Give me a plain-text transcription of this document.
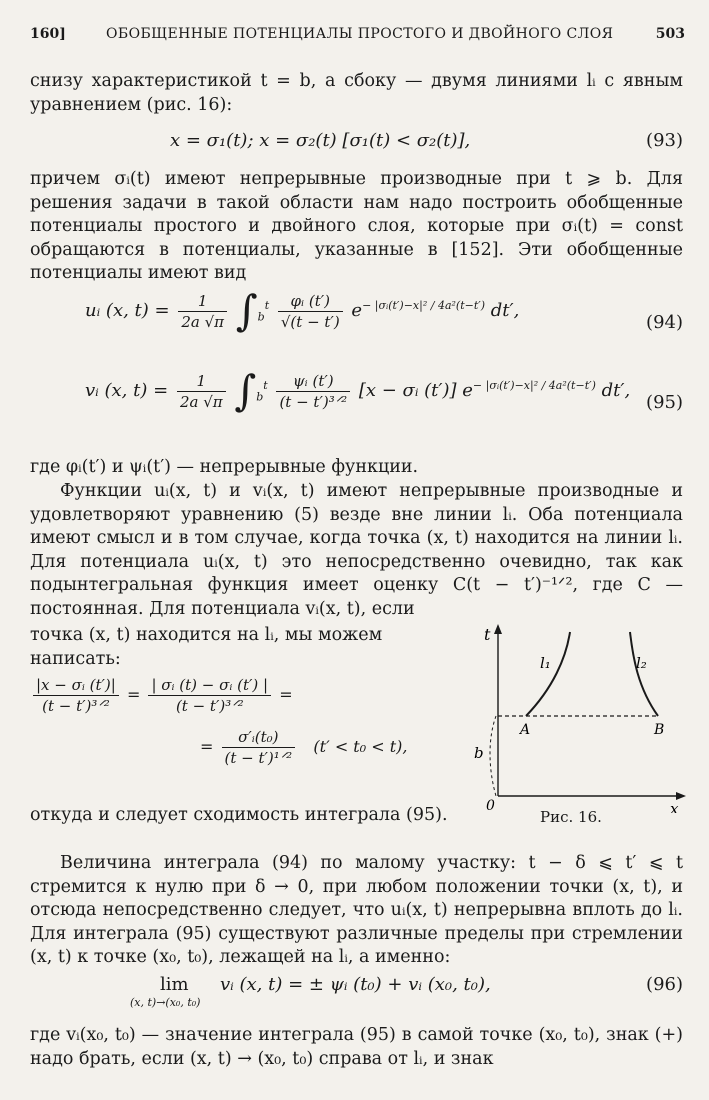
160]	ОБОБЩЕННЫЕ ПОТЕНЦИАЛЫ ПРОСТОГО И ДВОЙНОГО СЛОЯ	503
снизу характеристикой t = b, а сбоку — двумя линиями lᵢ с явным уравнением (рис. 16):
x = σ₁(t); x = σ₂(t) [σ₁(t) < σ₂(t)],	(93)
причем σᵢ(t) имеют непрерывные производные при t ⩾ b. Для решения задачи в такой области нам надо построить обобщенные потенциалы простого и двойного слоя, которые при σᵢ(t) = const обращаются в потенциалы, указанные в [152]. Эти обобщенные потенциалы имеют вид
uᵢ (x, $t) = \frac{1}{2a √\pi} \int_b^t \frac{\text{φᵢ (t′)}}{√(t - t')} e^{- |\sigma ᵢ(t')-x|^2 / 4a^2(t-t')}$ dt′,
(94)
vᵢ (x, $t) = \frac{1}{2a √\pi} \int_b^t \frac{\text{ψᵢ (t′)}}{\text{(t − t′)³ᐟ²}} [x$ − σᵢ (t′)] $e^{- |\sigma ᵢ(t')-x|^2 / 4a^2(t-t')}$ dt′,
(95)
где φᵢ(t′) и ψᵢ(t′) — непрерывные функции.
Функции uᵢ(x, t) и vᵢ(x, t) имеют непрерывные производные и удовлетворяют уравнению (5) везде вне линии lᵢ. Оба потенциала имеют смысл и в том случае, когда точка (x, t) находится на линии lᵢ. Для потенциала uᵢ(x, t) это непосредственно очевидно, так как подынтегральная функция имеет оценку C(t − t′)⁻¹ᐟ², где C — постоянная. Для потенциала vᵢ(x, t), если
точка (x, t) находится на lᵢ, мы можем написать:
$\frac{\text{|x − σᵢ (t′)|}}{\text{(t − t′)³ᐟ²}} = \frac{\text{| σᵢ (t) − σᵢ (t′) |}}{\text{(t − t′)³ᐟ²}}$ =
= $\frac{\text{σ′ᵢ(t₀)}}{\text{(t − t′)¹ᐟ²}} (t' < t_0 < t)$,
откуда и следует сходимость интеграла (95).
t
x
0
A	B
l₁	l₂
b
Рис. 16.
Величина интеграла (94) по малому участку: t − δ ⩽ t′ ⩽ t стремится к нулю при δ → 0, при любом положении точки (x, t), и отсюда непосредственно следует, что uᵢ(x, t) непрерывна вплоть до lᵢ. Для интеграла (95) существуют различные пределы при стремлении (x, t) к точке (x₀, t₀), лежащей на lᵢ, а именно:
lim
(x, t)→(x₀, t₀)
vᵢ (x, t) = ± ψᵢ (t₀) + vᵢ (x₀, t₀),	(96)
где vᵢ(x₀, t₀) — значение интеграла (95) в самой точке (x₀, t₀), знак (+) надо брать, если (x, t) → (x₀, t₀) справа от lᵢ, и знак
